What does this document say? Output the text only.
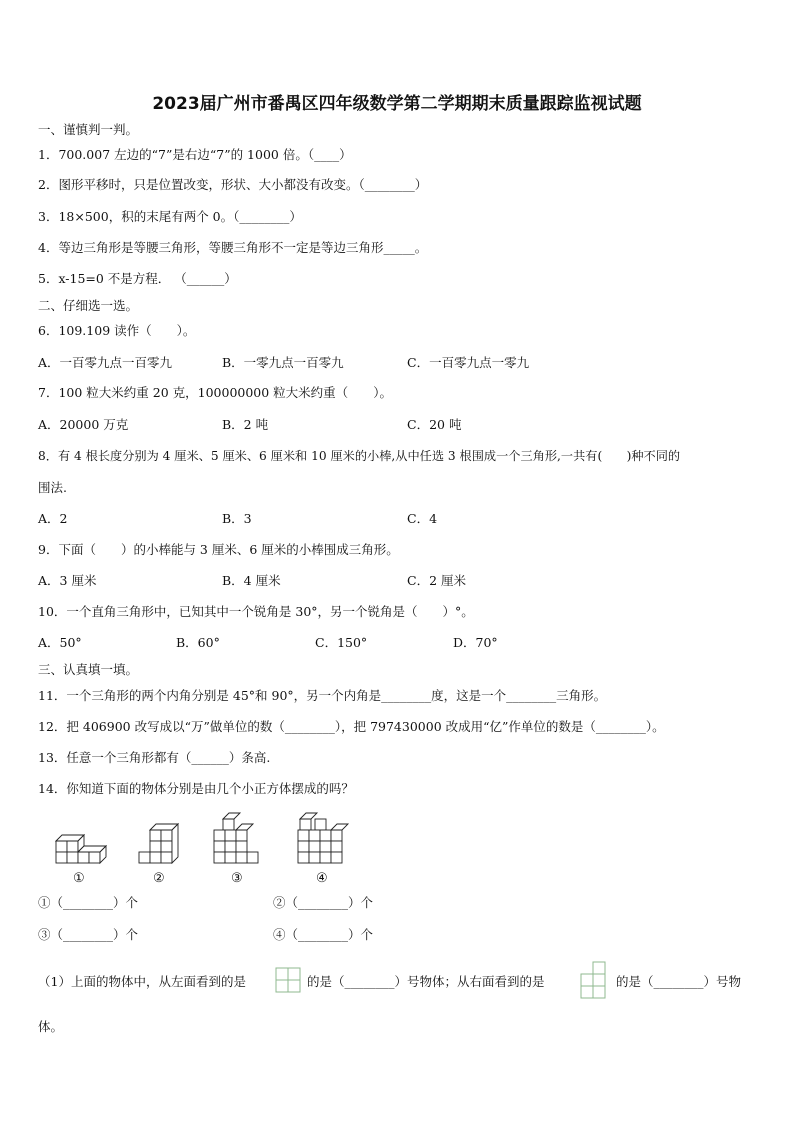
2023届广州市番禺区四年级数学第二学期期末质量跟踪监视试题
一、谨慎判一判。
1．700.007 左边的“7”是右边“7”的 1000 倍。（____）
2．图形平移时，只是位置改变，形状、大小都没有改变。（________）
3．18×500，积的末尾有两个 0。（________）
4．等边三角形是等腰三角形，等腰三角形不一定是等边三角形_____。
5．x-15=0 不是方程． （______）
二、仔细选一选。
6．109.109 读作（　　）。
A．一百零九点一百零九	B．一零九点一百零九	C．一百零九点一零九
7．100 粒大米约重 20 克，100000000 粒大米约重（　　）。
A．20000 万克	B．2 吨	C．20 吨
8．有 4 根长度分别为 4 厘米、5 厘米、6 厘米和 10 厘米的小棒,从中任选 3 根围成一个三角形,一共有(　　)种不同的
围法.
A．2	B．3	C．4
9．下面（　　）的小棒能与 3 厘米、6 厘米的小棒围成三角形。
A．3 厘米	B．4 厘米	C．2 厘米
10．一个直角三角形中，已知其中一个锐角是 30°，另一个锐角是（　　）°。
A．50°	B．60°	C．150°	D．70°
三、认真填一填。
11．一个三角形的两个内角分别是 45°和 90°，另一个内角是________度，这是一个________三角形。
12．把 406900 改写成以“万”做单位的数（________），把 797430000 改成用“亿”作单位的数是（________）。
13．任意一个三角形都有（______）条高.
14．你知道下面的物体分别是由几个小正方体摆成的吗？
①	②	③	④
①（________）个	②（________）个
③（________）个	④（________）个
（1）上面的物体中，从左面看到的是	的是（________）号物体；从右面看到的是	的是（________）号物
体。
